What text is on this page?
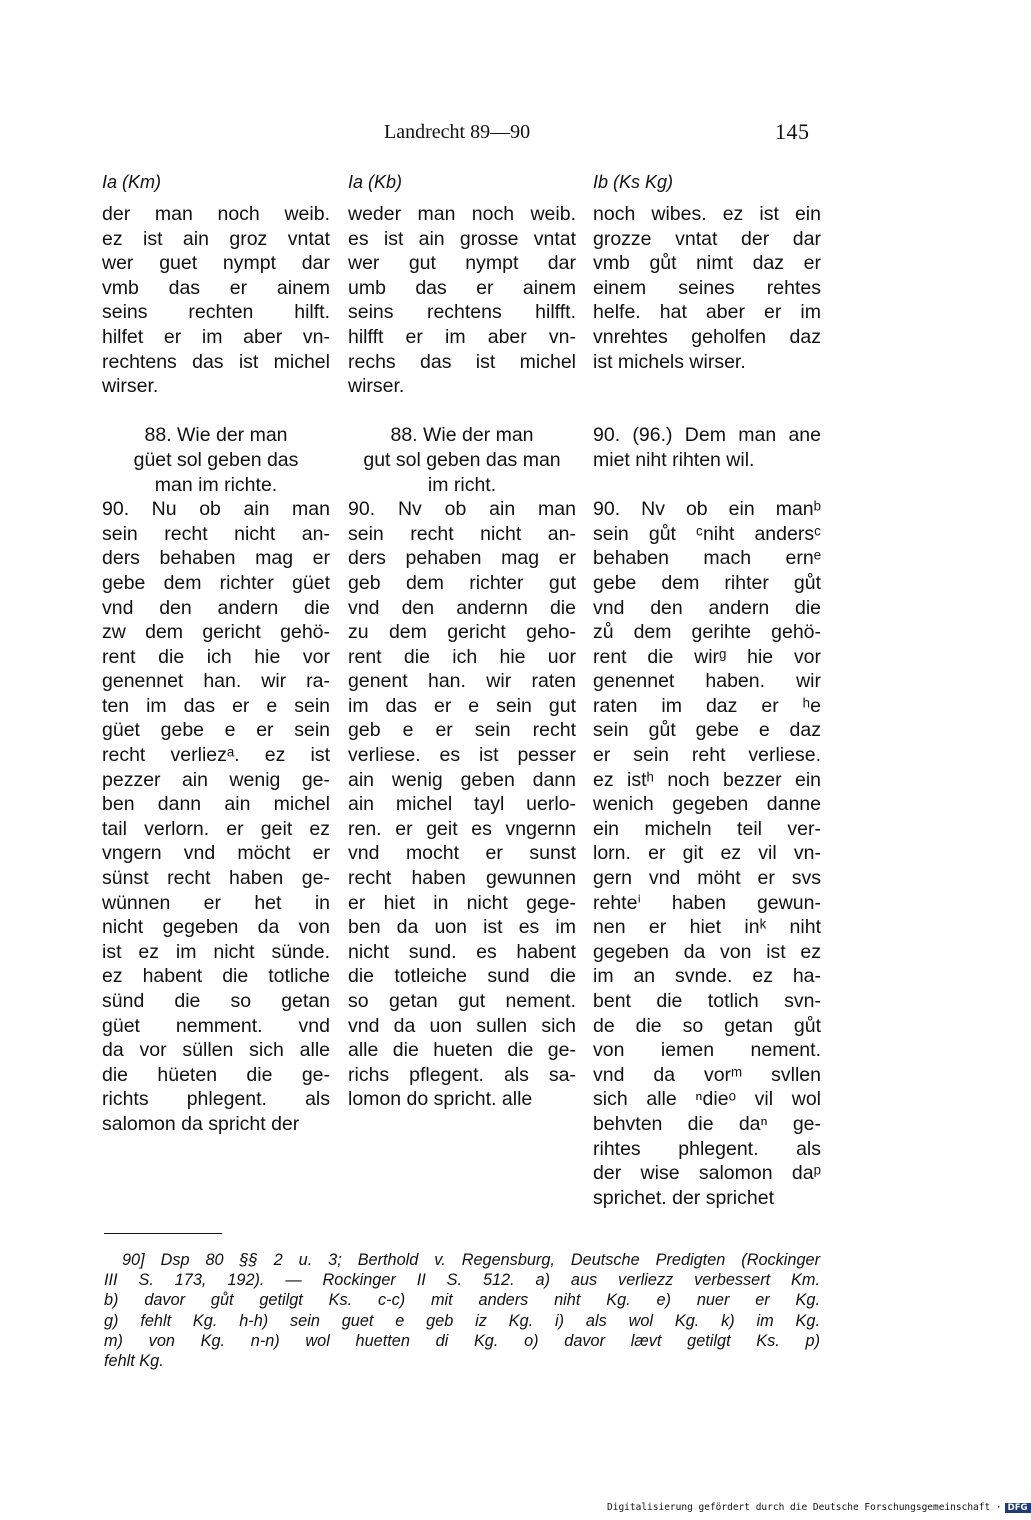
Landrecht 89—90	145
Ia (Km)
der man noch weib.
ez ist ain groz vntat
wer guet nympt dar
vmb das er ainem
seins rechten hilft.
hilfet er im aber vn-
rechtens das ist michel
wirser.
88. Wie der man
güet sol geben das
man im richte.
90. Nu ob ain man
sein recht nicht an-
ders behaben mag er
gebe dem richter güet
vnd den andern die
zw dem gericht gehö-
rent die ich hie vor
genennet han. wir ra-
ten im das er e sein
güet gebe e er sein
recht verliezᵃ. ez ist
pezzer ain wenig ge-
ben dann ain michel
tail verlorn. er geit ez
vngern vnd möcht er
sünst recht haben ge-
wünnen er het in
nicht gegeben da von
ist ez im nicht sünde.
ez habent die totliche
sünd die so getan
güet nemment. vnd
da vor süllen sich alle
die hüeten die ge-
richts phlegent. als
salomon da spricht der
Ia (Kb)
weder man noch weib.
es ist ain grosse vntat
wer gut nympt dar
umb das er ainem
seins rechtens hilfft.
hilfft er im aber vn-
rechs das ist michel
wirser.
88. Wie der man
gut sol geben das man
im richt.
90. Nv ob ain man
sein recht nicht an-
ders pehaben mag er
geb dem richter gut
vnd den andernn die
zu dem gericht geho-
rent die ich hie uor
genent han. wir raten
im das er e sein gut
geb e er sein recht
verliese. es ist pesser
ain wenig geben dann
ain michel tayl uerlo-
ren. er geit es vngernn
vnd mocht er sunst
recht haben gewunnen
er hiet in nicht gege-
ben da uon ist es im
nicht sund. es habent
die totleiche sund die
so getan gut nement.
vnd da uon sullen sich
alle die hueten die ge-
richs pflegent. als sa-
lomon do spricht. alle
Ib (Ks Kg)
noch wibes. ez ist ein
grozze vntat der dar
vmb gůt nimt daz er
einem seines rehtes
helfe. hat aber er im
vnrehtes geholfen daz
ist michels wirser.
90. (96.) Dem man ane
miet niht rihten wil.
90. Nv ob ein manᵇ
sein gůt ᶜniht andersᶜ
behaben mach ernᵉ
gebe dem rihter gůt
vnd den andern die
zů dem gerihte gehö-
rent die wirᵍ hie vor
genennet haben. wir
raten im daz er ʰe
sein gůt gebe e daz
er sein reht verliese.
ez istʰ noch bezzer ein
wenich gegeben danne
ein micheln teil ver-
lorn. er git ez vil vn-
gern vnd möht er svs
rehteⁱ haben gewun-
nen er hiet inᵏ niht
gegeben da von ist ez
im an svnde. ez ha-
bent die totlich svn-
de die so getan gůt
von iemen nement.
vnd da vorᵐ svllen
sich alle ⁿdieᵒ vil wol
behvten die daⁿ ge-
rihtes phlegent. als
der wise salomon daᵖ
sprichet. der sprichet
90] Dsp 80 §§ 2 u. 3; Berthold v. Regensburg, Deutsche Predigten (Rockinger
III S. 173, 192). — Rockinger II S. 512. a) aus verliezz verbessert Km.
b) davor gůt getilgt Ks. c-c) mit anders niht Kg. e) nuer er Kg.
g) fehlt Kg. h-h) sein guet e geb iz Kg. i) als wol Kg. k) im Kg.
m) von Kg. n-n) wol huetten di Kg. o) davor lævt getilgt Ks. p)
fehlt Kg.
Digitalisierung gefördert durch die Deutsche Forschungsgemeinschaft · DFG
